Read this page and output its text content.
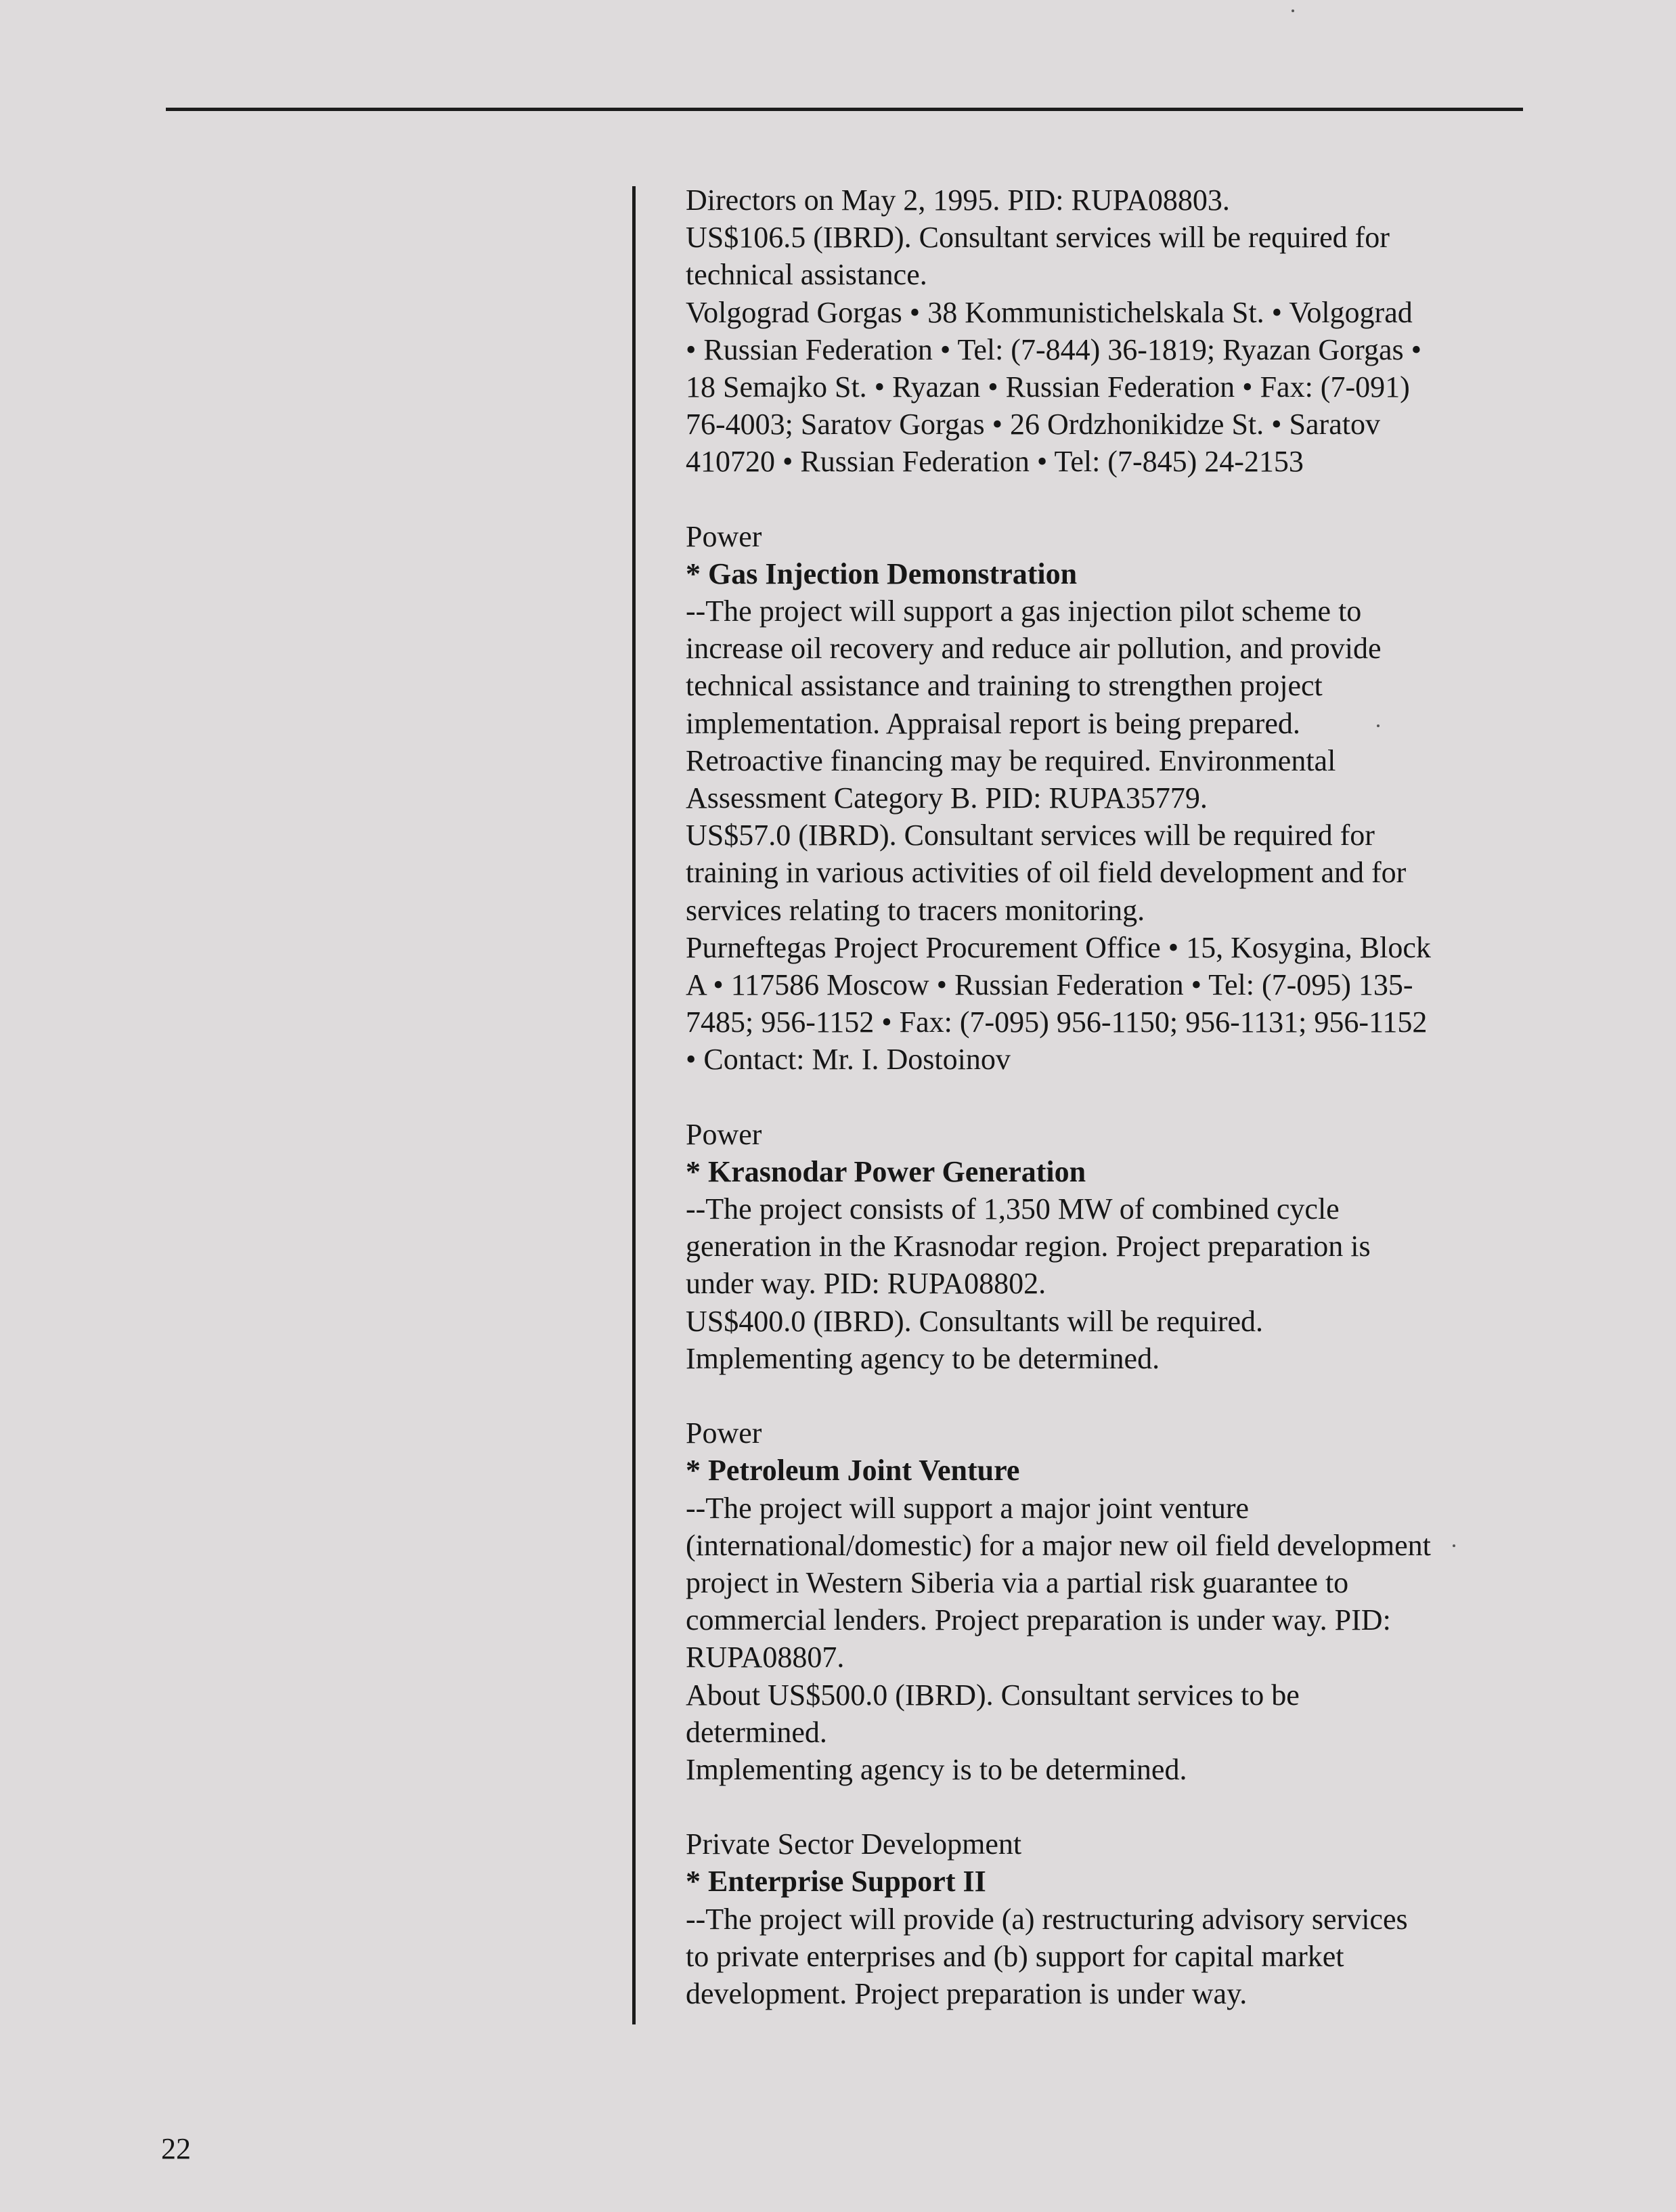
Directors on May 2, 1995. PID: RUPA08803.

US$106.5 (IBRD). Consultant services will be required for

technical assistance.

Volgograd Gorgas • 38 Kommunistichelskala St. • Volgograd

• Russian Federation • Tel: (7-844) 36-1819; Ryazan Gorgas •

18 Semajko St. • Ryazan • Russian Federation • Fax: (7-091)

76-4003; Saratov Gorgas • 26 Ordzhonikidze St. • Saratov

410720 • Russian Federation • Tel: (7-845) 24-2153

Power

* Gas Injection Demonstration

--The project will support a gas injection pilot scheme to

increase oil recovery and reduce air pollution, and provide

technical assistance and training to strengthen project

implementation. Appraisal report is being prepared.

Retroactive financing may be required. Environmental

Assessment Category B. PID: RUPA35779.

US$57.0 (IBRD). Consultant services will be required for

training in various activities of oil field development and for

services relating to tracers monitoring.

Purneftegas Project Procurement Office • 15, Kosygina, Block

A • 117586 Moscow • Russian Federation • Tel: (7-095) 135-

7485; 956-1152 • Fax: (7-095) 956-1150; 956-1131; 956-1152

• Contact: Mr. I. Dostoinov

Power

* Krasnodar Power Generation

--The project consists of 1,350 MW of combined cycle

generation in the Krasnodar region. Project preparation is

under way. PID: RUPA08802.

US$400.0 (IBRD). Consultants will be required.

Implementing agency to be determined.

Power

* Petroleum Joint Venture

--The project will support a major joint venture

(international/domestic) for a major new oil field development

project in Western Siberia via a partial risk guarantee to

commercial lenders. Project preparation is under way. PID:

RUPA08807.

About US$500.0 (IBRD). Consultant services to be

determined.

Implementing agency is to be determined.

Private Sector Development

* Enterprise Support II

--The project will provide (a) restructuring advisory services

to private enterprises and (b) support for capital market

development. Project preparation is under way.

22
